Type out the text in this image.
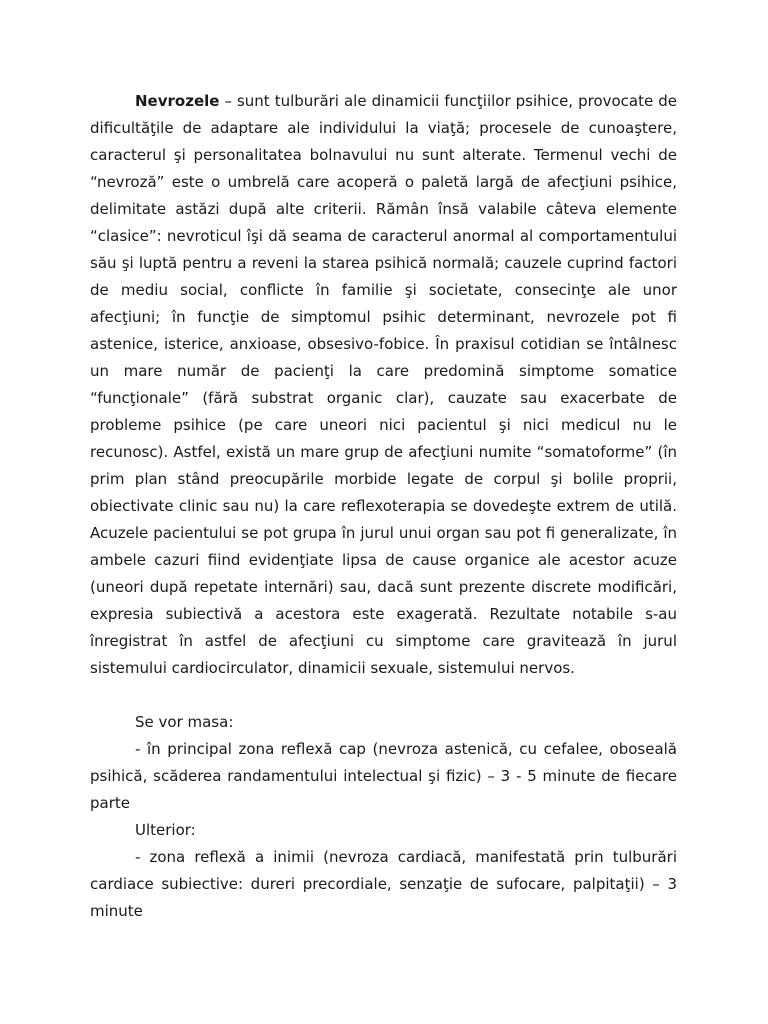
Nevrozele – sunt tulburări ale dinamicii funcţiilor psihice, provocate de dificultăţile de adaptare ale individului la viaţă; procesele de cunoaştere, caracterul şi personalitatea bolnavului nu sunt alterate. Termenul vechi de “nevroză” este o umbrelă care acoperă o paletă largă de afecţiuni psihice, delimitate astăzi după alte criterii. Rămân însă valabile câteva elemente “clasice”: nevroticul îşi dă seama de caracterul anormal al comportamentului său şi luptă pentru a reveni la starea psihică normală; cauzele cuprind factori de mediu social, conflicte în familie şi societate, consecinţe ale unor afecţiuni; în funcţie de simptomul psihic determinant, nevrozele pot fi astenice, isterice, anxioase, obsesivo-fobice. În praxisul cotidian se întâlnesc un mare număr de pacienţi la care predomină simptome somatice “funcţionale” (fără substrat organic clar), cauzate sau exacerbate de probleme psihice (pe care uneori nici pacientul şi nici medicul nu le recunosc). Astfel, există un mare grup de afecţiuni numite “somatoforme” (în prim plan stând preocupările morbide legate de corpul şi bolile proprii, obiectivate clinic sau nu) la care reflexoterapia se dovedeşte extrem de utilă. Acuzele pacientului se pot grupa în jurul unui organ sau pot fi generalizate, în ambele cazuri fiind evidenţiate lipsa de cause organice ale acestor acuze (uneori după repetate internări) sau, dacă sunt prezente discrete modificări, expresia subiectivă a acestora este exagerată. Rezultate notabile s-au înregistrat în astfel de afecţiuni cu simptome care gravitează în jurul sistemului cardiocirculator, dinamicii sexuale, sistemului nervos.

Se vor masa:

- în principal zona reflexă cap (nevroza astenică, cu cefalee, oboseală psihică, scăderea randamentului intelectual şi fizic) – 3 - 5 minute de fiecare parte

Ulterior:

- zona reflexă a inimii (nevroza cardiacă, manifestată prin tulburări cardiace subiective: dureri precordiale, senzaţie de sufocare, palpitaţii) – 3 minute
